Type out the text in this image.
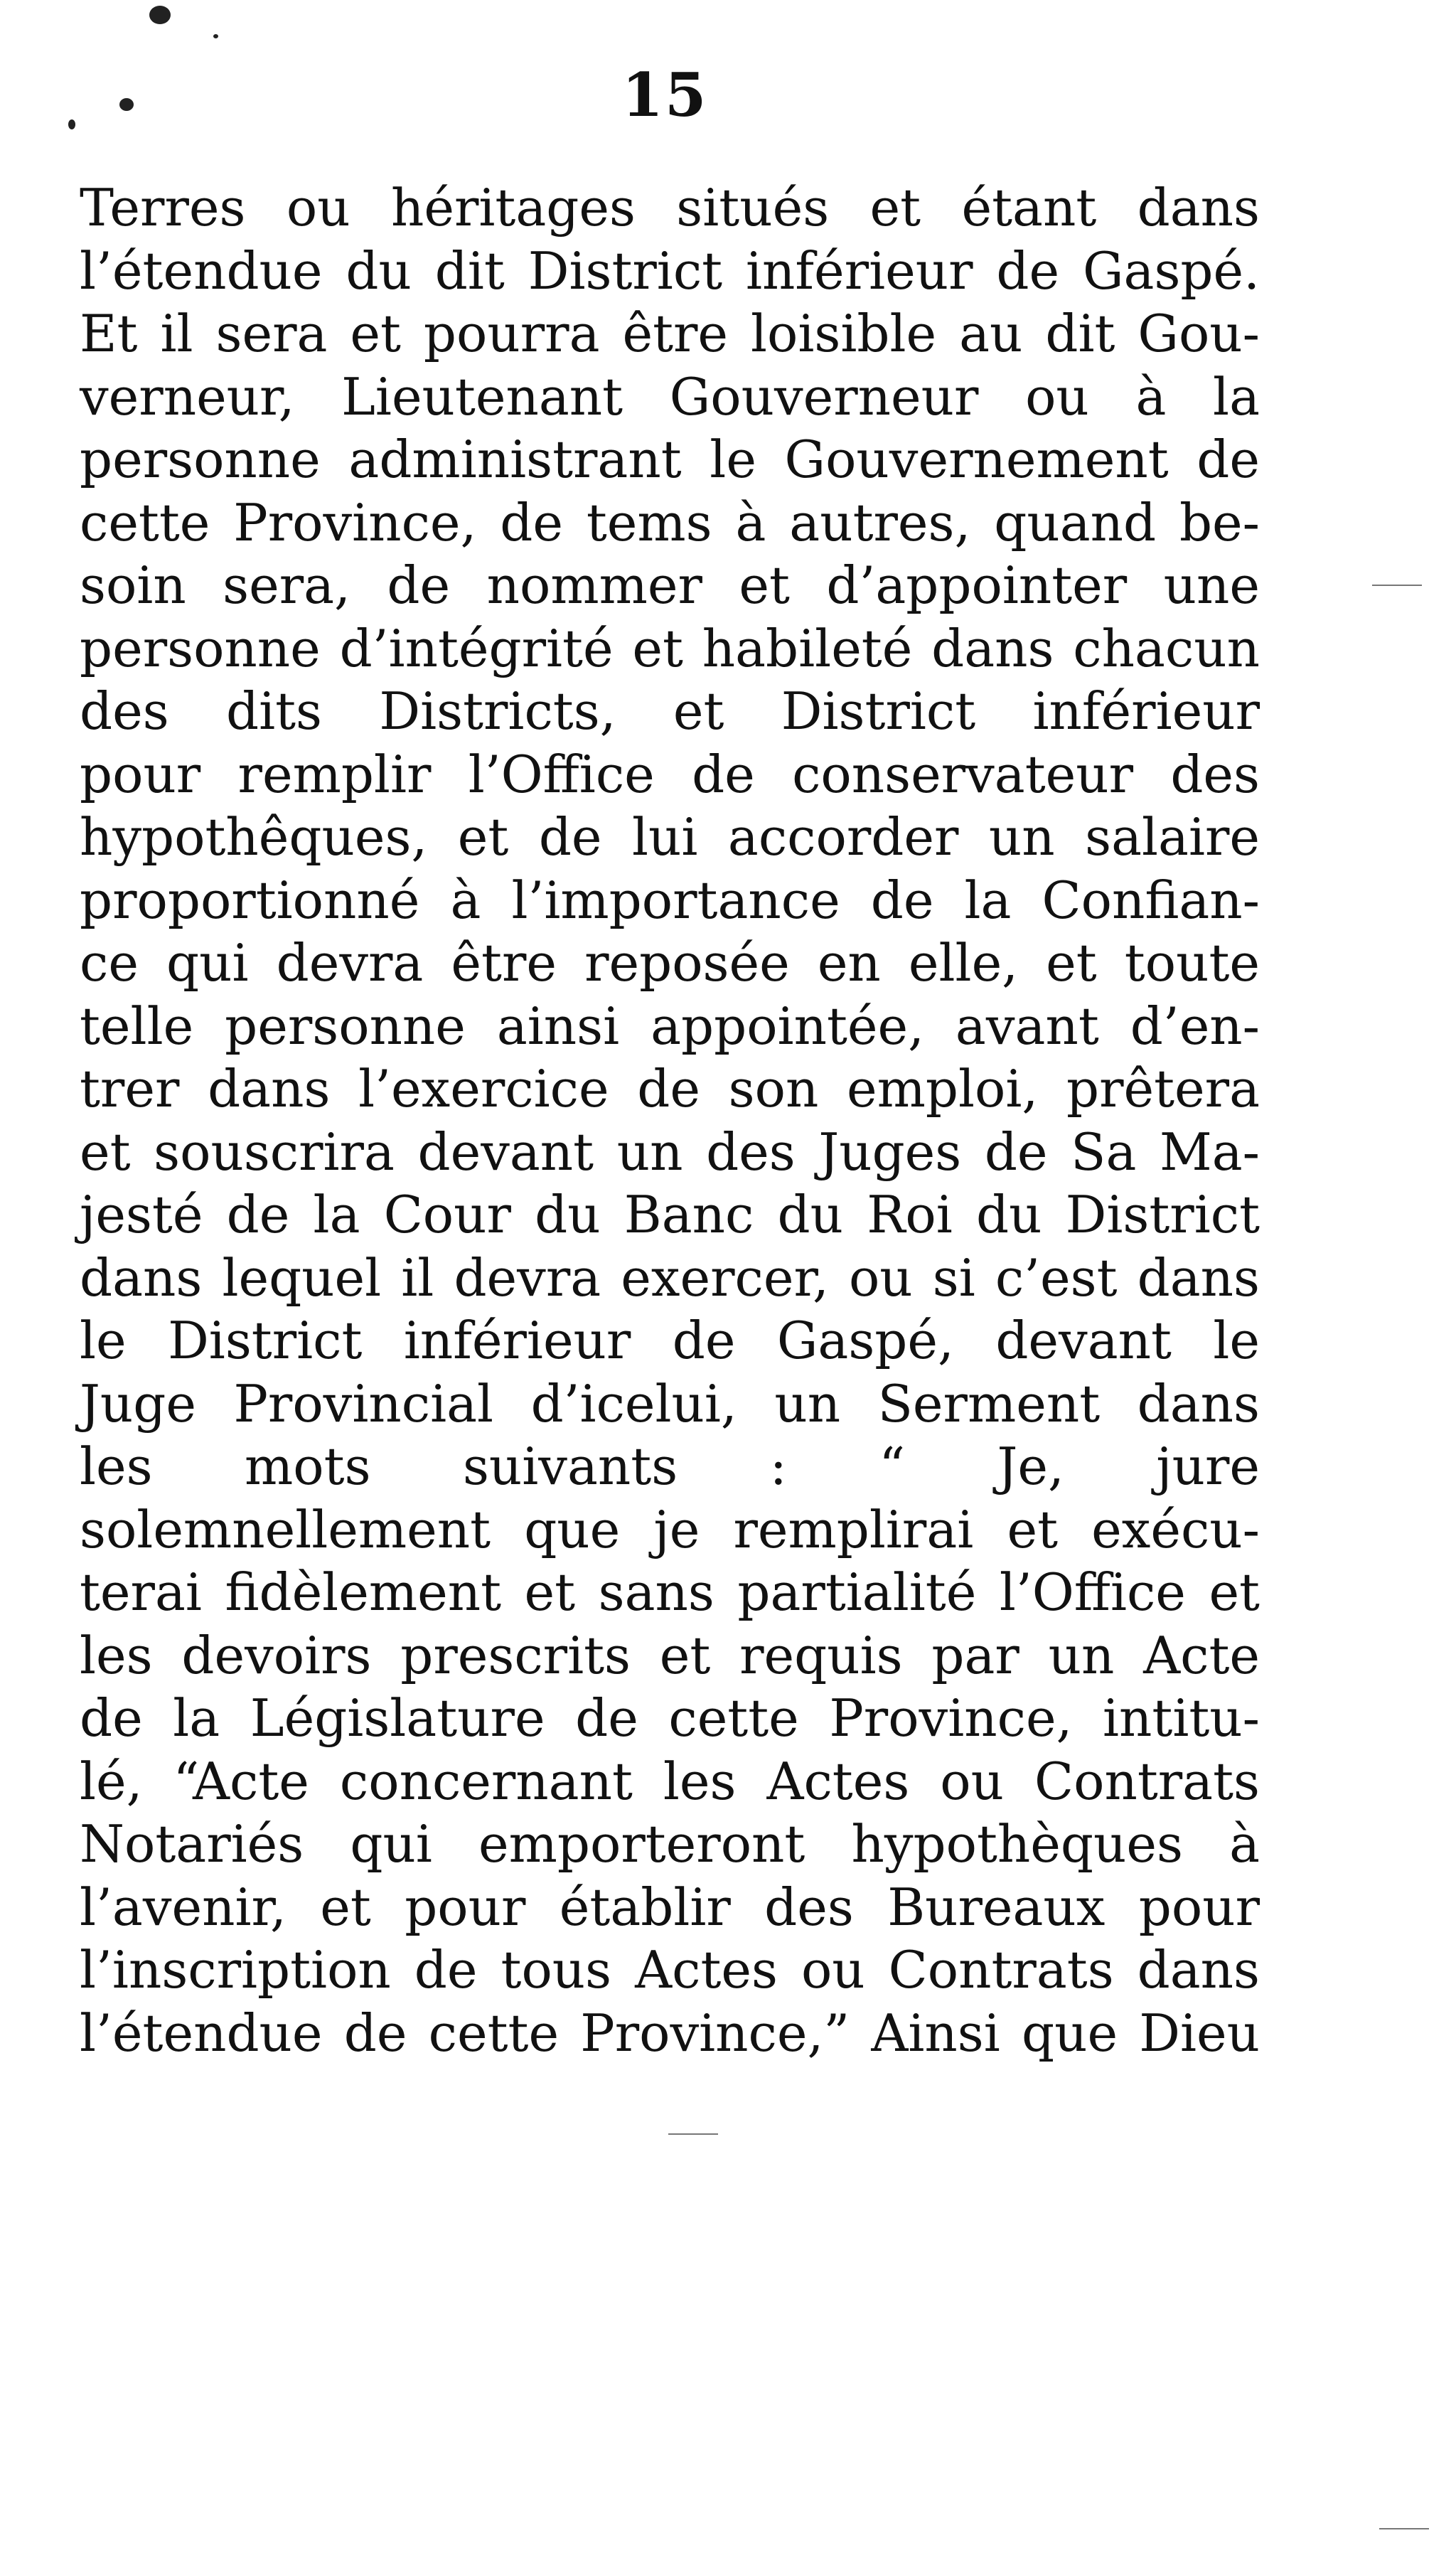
15
Terres ou héritages situés et étant dans
l’étendue du dit District inférieur de Gaspé.
Et il sera et pourra être loisible au dit Gou-
verneur, Lieutenant Gouverneur ou à la
personne administrant le Gouvernement de
cette Province, de tems à autres, quand be-
soin sera, de nommer et d’appointer une
personne d’intégrité et habileté dans chacun
des dits Districts, et District inférieur
pour remplir l’Office de conservateur des
hypothêques, et de lui accorder un salaire
proportionné à l’importance de la Confian-
ce qui devra être reposée en elle, et toute
telle personne ainsi appointée, avant d’en-
trer dans l’exercice de son emploi, prêtera
et souscrira devant un des Juges de Sa Ma-
jesté de la Cour du Banc du Roi du District
dans lequel il devra exercer, ou si c’est dans
le District inférieur de Gaspé, devant le
Juge Provincial d’icelui, un Serment dans
les mots suivants : “ Je, jure
solemnellement que je remplirai et exécu-
terai fidèlement et sans partialité l’Office et
les devoirs prescrits et requis par un Acte
de la Législature de cette Province, intitu-
lé, “Acte concernant les Actes ou Contrats
Notariés qui emporteront hypothèques à
l’avenir, et pour établir des Bureaux pour
l’inscription de tous Actes ou Contrats dans
l’étendue de cette Province,” Ainsi que Dieu
